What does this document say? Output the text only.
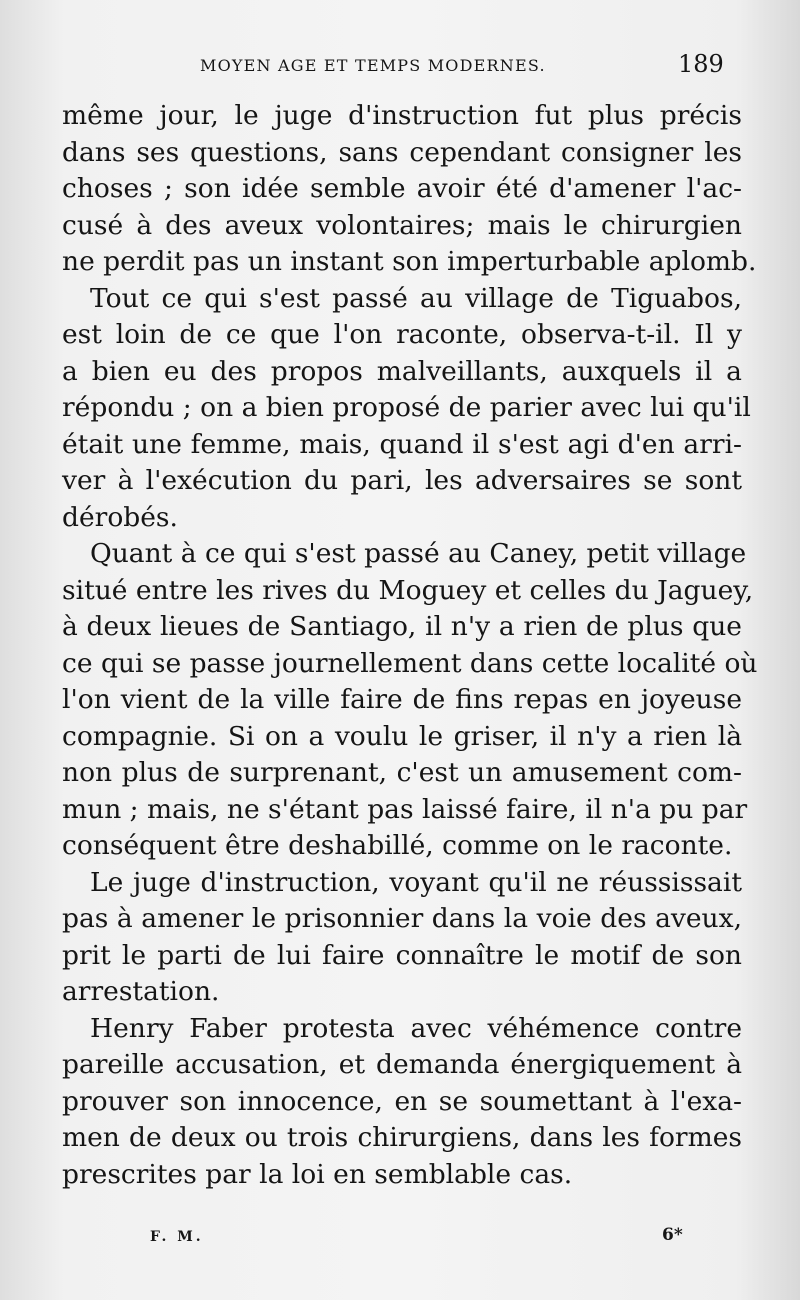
MOYEN AGE ET TEMPS MODERNES.	189
même jour, le juge d'instruction fut plus précis
dans ses questions, sans cependant consigner les
choses ; son idée semble avoir été d'amener l'ac-
cusé à des aveux volontaires; mais le chirurgien
ne perdit pas un instant son imperturbable aplomb.
Tout ce qui s'est passé au village de Tiguabos,
est loin de ce que l'on raconte, observa-t-il. Il y
a bien eu des propos malveillants, auxquels il a
répondu ; on a bien proposé de parier avec lui qu'il
était une femme, mais, quand il s'est agi d'en arri-
ver à l'exécution du pari, les adversaires se sont
dérobés.
Quant à ce qui s'est passé au Caney, petit village
situé entre les rives du Moguey et celles du Jaguey,
à deux lieues de Santiago, il n'y a rien de plus que
ce qui se passe journellement dans cette localité où
l'on vient de la ville faire de fins repas en joyeuse
compagnie. Si on a voulu le griser, il n'y a rien là
non plus de surprenant, c'est un amusement com-
mun ; mais, ne s'étant pas laissé faire, il n'a pu par
conséquent être deshabillé, comme on le raconte.
Le juge d'instruction, voyant qu'il ne réussissait
pas à amener le prisonnier dans la voie des aveux,
prit le parti de lui faire connaître le motif de son
arrestation.
Henry Faber protesta avec véhémence contre
pareille accusation, et demanda énergiquement à
prouver son innocence, en se soumettant à l'exa-
men de deux ou trois chirurgiens, dans les formes
prescrites par la loi en semblable cas.
F. M.	6*
